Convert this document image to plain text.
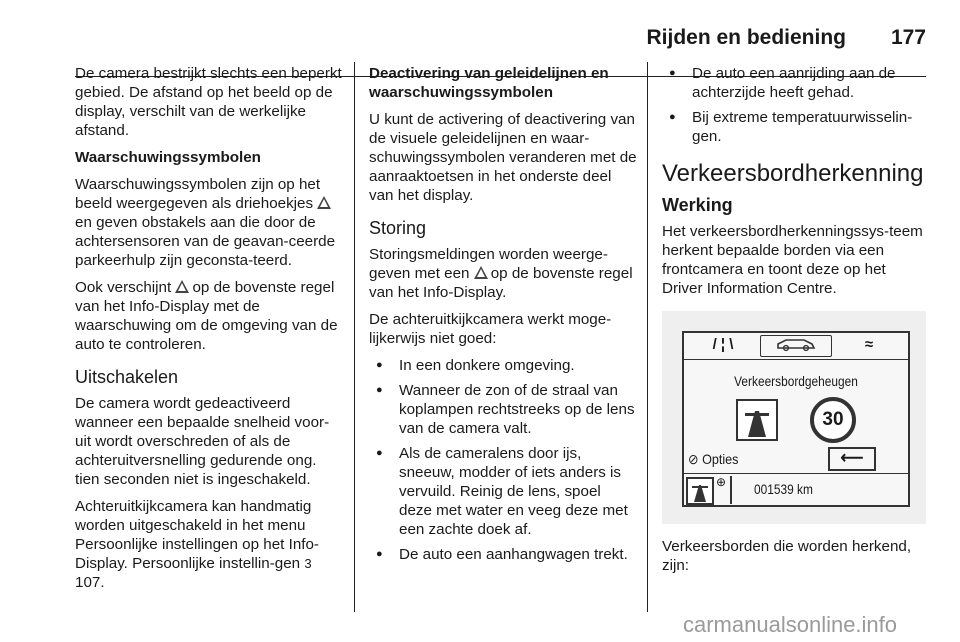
Rijden en bediening 177

De camera bestrijkt slechts een beperkt gebied. De afstand op het beeld op de display, verschilt van de werkelijke afstand.

Waarschuwingssymbolen

Waarschuwingssymbolen zijn op het beeld weergegeven als driehoekjes en geven obstakels aan die door de achtersensoren van de geavan-ceerde parkeerhulp zijn geconsta-teerd.

Ook verschijnt op de bovenste regel van het Info-Display met de waarschuwing om de omgeving van de auto te controleren.

Uitschakelen

De camera wordt gedeactiveerd wanneer een bepaalde snelheid voor-uit wordt overschreden of als de achteruitversnelling gedurende ong. tien seconden niet is ingeschakeld.

Achteruitkijkcamera kan handmatig worden uitgeschakeld in het menu Persoonlijke instellingen op het Info-Display. Persoonlijke instellin-gen 3 107.

Deactivering van geleidelijnen en waarschuwingssymbolen

U kunt de activering of deactivering van de visuele geleidelijnen en waar-schuwingssymbolen veranderen met de aanraaktoetsen in het onderste deel van het display.

Storing

Storingsmeldingen worden weerge-geven met een op de bovenste regel van het Info-Display.

De achteruitkijkcamera werkt moge-lijkerwijs niet goed:

● In een donkere omgeving.
● Wanneer de zon of de straal van koplampen rechtstreeks op de lens van de camera valt.
● Als de cameralens door ijs, sneeuw, modder of iets anders is vervuild. Reinig de lens, spoel deze met water en veeg deze met een zachte doek af.
● De auto een aanhangwagen trekt.
● De auto een aanrijding aan de achterzijde heeft gehad.
● Bij extreme temperatuurwisselin-gen.
Verkeersbordherkenning
Werking

Het verkeersbordherkenningssys-teem herkent bepaalde borden via een frontcamera en toont deze op het Driver Information Centre.

/ ¦ \	≈
Verkeersbordgeheugen
30
⊘ Opties	⟵
⊕ 001539 km

Verkeersborden die worden herkend, zijn:

carmanualsonline.info
